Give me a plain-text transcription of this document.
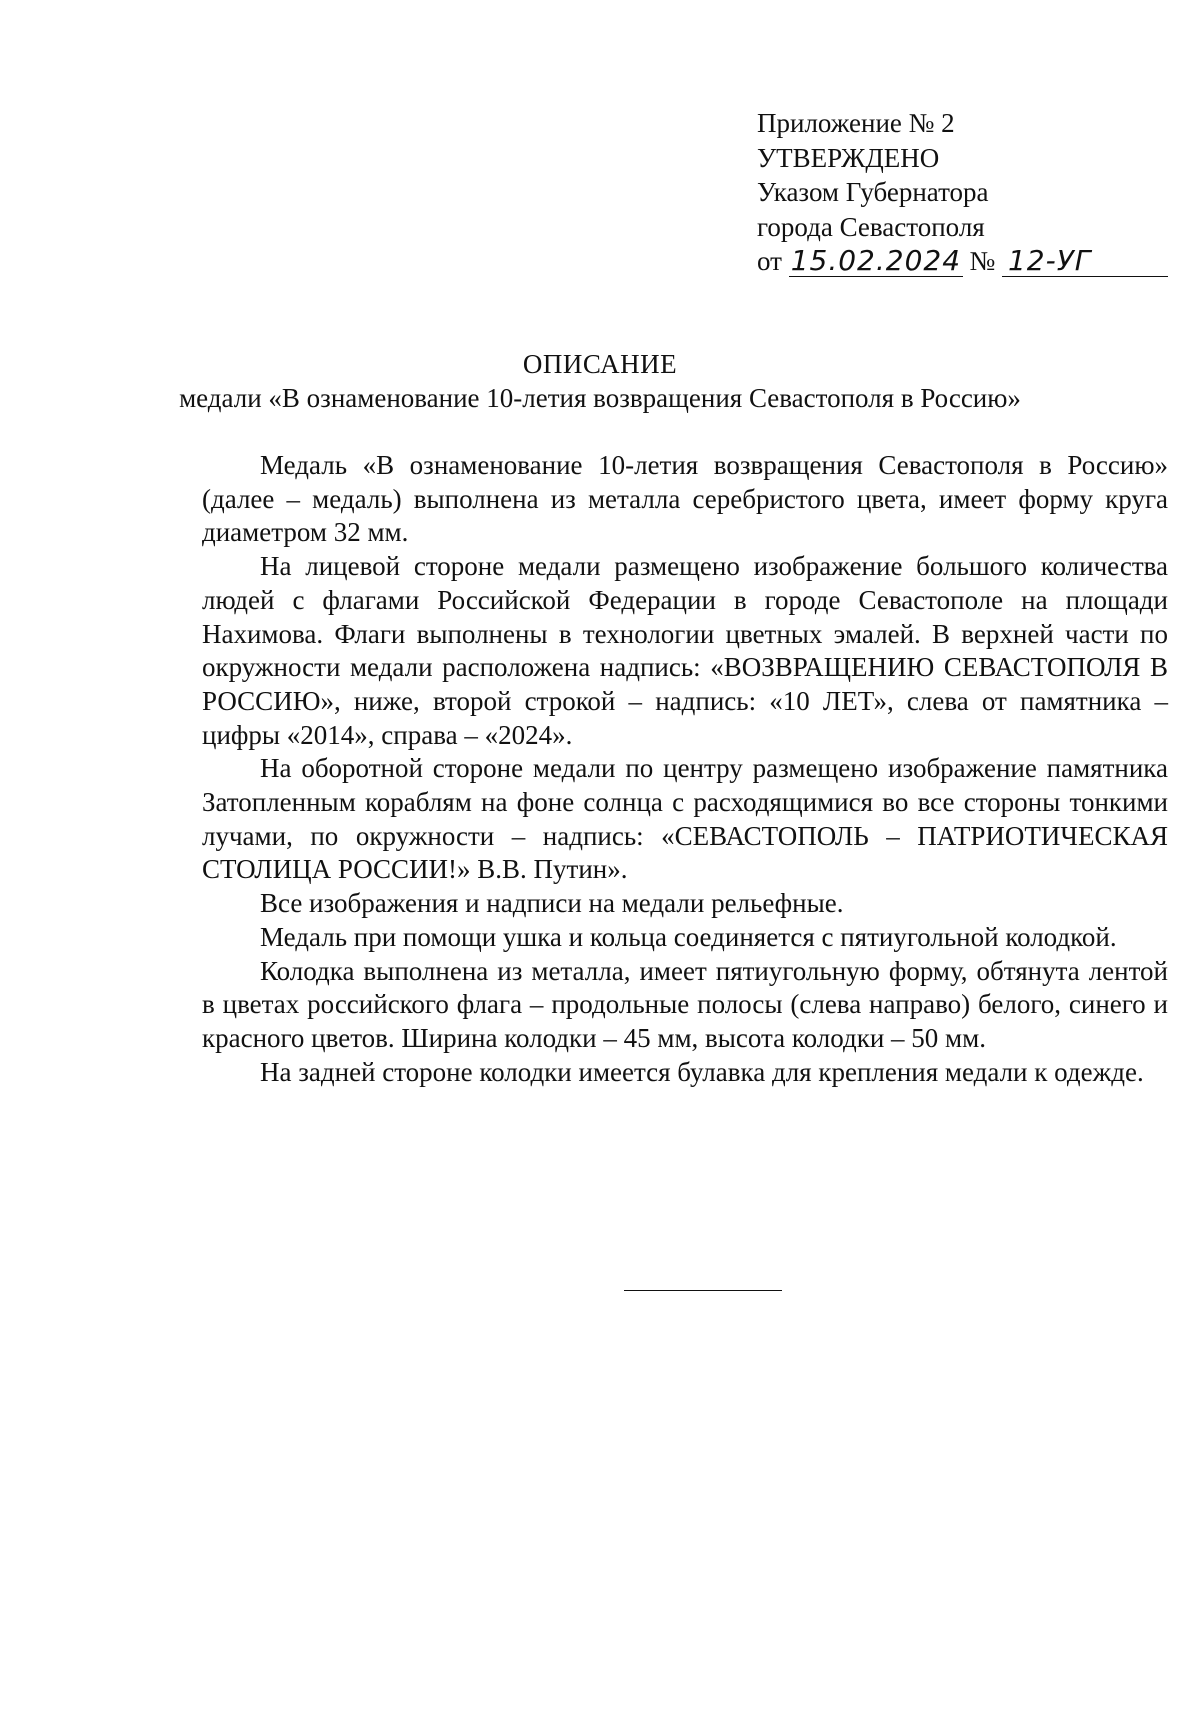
Приложение № 2
УТВЕРЖДЕНО
Указом Губернатора
города Севастополя
от 15.02.2024 № 12-УГ
ОПИСАНИЕ
медали «В ознаменование 10-летия возвращения Севастополя в Россию»

Медаль «В ознаменование 10-летия возвращения Севастополя в Россию» (далее – медаль) выполнена из металла серебристого цвета, имеет форму круга диаметром 32 мм.

На лицевой стороне медали размещено изображение большого количества людей с флагами Российской Федерации в городе Севастополе на площади Нахимова. Флаги выполнены в технологии цветных эмалей. В верхней части по окружности медали расположена надпись: «ВОЗВРАЩЕНИЮ СЕВАСТОПОЛЯ В РОССИЮ», ниже, второй строкой – надпись: «10 ЛЕТ», слева от памятника – цифры «2014», справа – «2024».

На оборотной стороне медали по центру размещено изображение памятника Затопленным кораблям на фоне солнца с расходящимися во все стороны тонкими лучами, по окружности – надпись: «СЕВАСТОПОЛЬ – ПАТРИОТИЧЕСКАЯ СТОЛИЦА РОССИИ!» В.В. Путин».

Все изображения и надписи на медали рельефные.

Медаль при помощи ушка и кольца соединяется с пятиугольной колодкой.

Колодка выполнена из металла, имеет пятиугольную форму, обтянута лентой в цветах российского флага – продольные полосы (слева направо) белого, синего и красного цветов. Ширина колодки – 45 мм, высота колодки – 50 мм.

На задней стороне колодки имеется булавка для крепления медали к одежде.
